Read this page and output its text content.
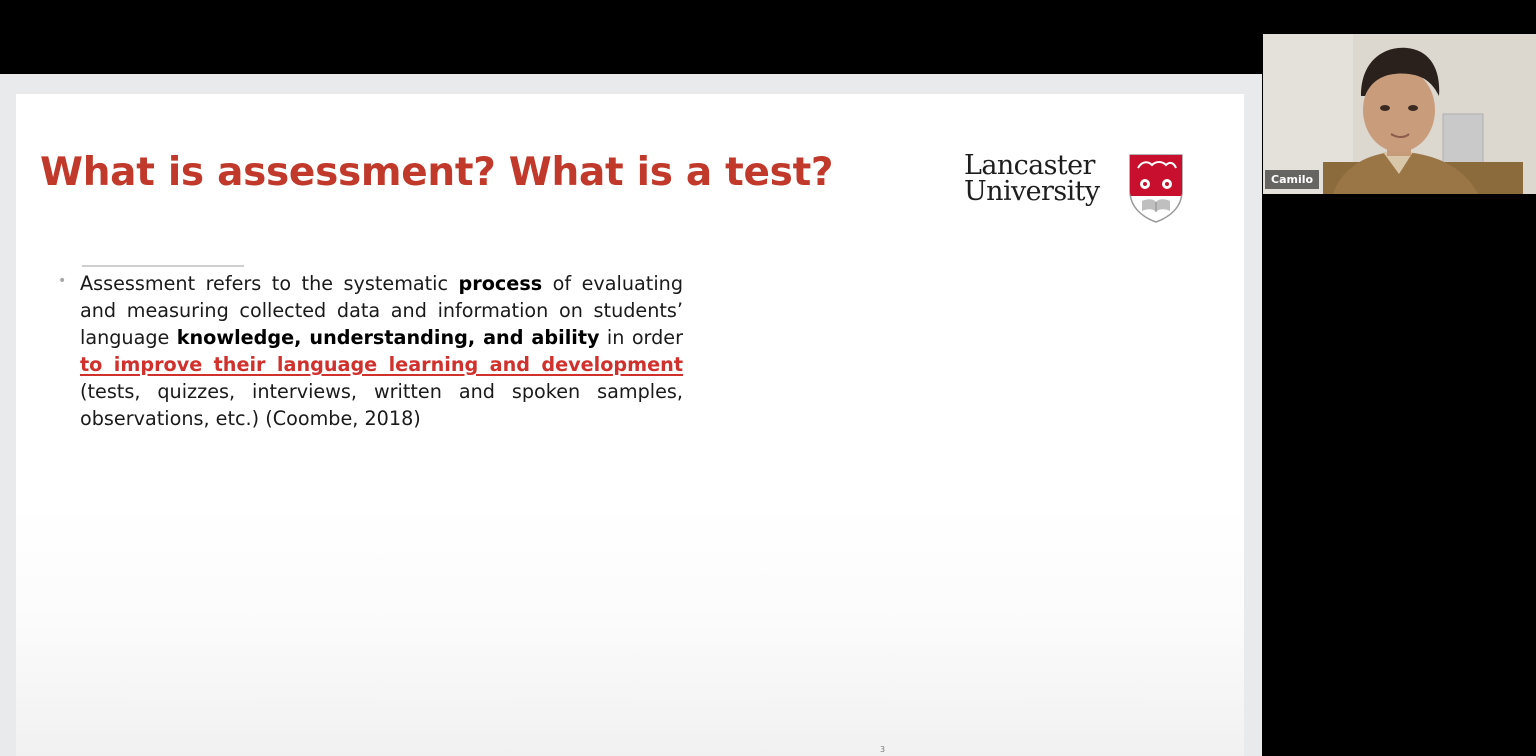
What is assessment? What is a test?	Lancaster
University
• Assessment refers to the systematic process of evaluating and measuring collected data and information on students’ language knowledge, understanding, and ability in order to improve their language learning and development (tests, quizzes, interviews, written and spoken samples, observations, etc.) (Coombe, 2018)

3
Camilo
